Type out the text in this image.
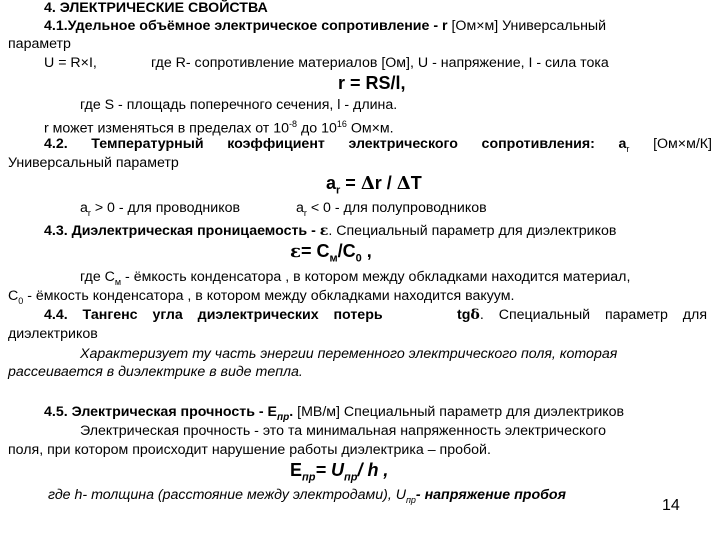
4. ЭЛЕКТРИЧЕСКИЕ СВОЙСТВА
4.1.Удельное объёмное электрическое сопротивление - r [Ом×м] Универсальный
параметр
U = R×I,	где R- сопротивление материалов [Ом], U - напряжение, I - сила тока
r = RS/l,
где S - площадь поперечного сечения, l - длина.
r может изменяться в пределах от $10^{-8}$ до $10^{16}$ Ом×м.
4.2. Температурный коэффициент электрического сопротивления: $a_r$ [Ом×м/К]
Универсальный параметр
$a_r = \Delta r / \Delta T$
$a_r > 0$ - для проводников	$a_r < 0$ - для полупроводников
4.3. Диэлектрическая проницаемость - ε. Специальный параметр для диэлектриков
$\varepsilon= C_м/C_0$ ,
где $C_м$ - ёмкость конденсатора , в котором между обкладками находится материал,
$C_0$ - ёмкость конденсатора , в котором между обкладками находится вакуум.
4.4. Тангенс угла диэлектрических потерь	tgδ. Специальный параметр для
диэлектриков
Характеризует ту часть энергии переменного электрического поля, которая
рассеивается в диэлектрике в виде тепла.
4.5. Электрическая прочность - $E_{пр}$. [МВ/м] Специальный параметр для диэлектриков
Электрическая прочность - это та минимальная напряженность электрического
поля, при котором происходит нарушение работы диэлектрика – пробой.
$E_{пр}= U_{пр}/$ h ,
где h- толщина (расстояние между электродами), $U_{пр}-$ напряжение пробоя
14
